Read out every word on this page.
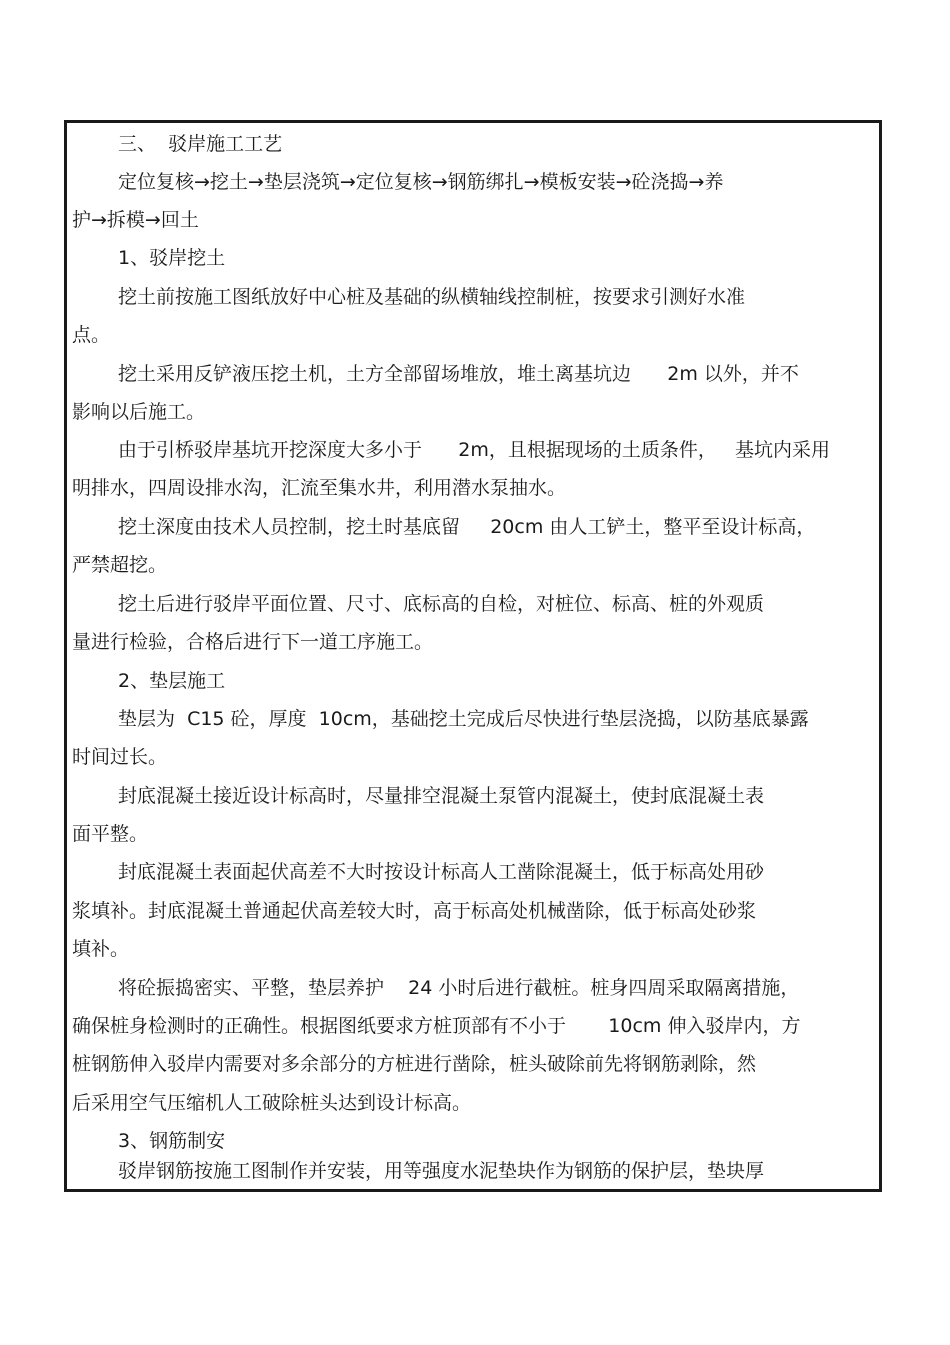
三、  驳岸施工工艺

定位复核→挖土→垫层浇筑→定位复核→钢筋绑扎→模板安装→砼浇捣→养

护→拆模→回土

1、驳岸挖土

挖土前按施工图纸放好中心桩及基础的纵横轴线控制桩，按要求引测好水准

点。

挖土采用反铲液压挖土机，土方全部留场堆放，堆土离基坑边      2m 以外，并不

影响以后施工。

由于引桥驳岸基坑开挖深度大多小于      2m，且根据现场的土质条件，   基坑内采用

明排水，四周设排水沟，汇流至集水井，利用潜水泵抽水。

挖土深度由技术人员控制，挖土时基底留     20cm 由人工铲土，整平至设计标高，

严禁超挖。

挖土后进行驳岸平面位置、尺寸、底标高的自检，对桩位、标高、桩的外观质

量进行检验，合格后进行下一道工序施工。

2、垫层施工

垫层为  C15 砼，厚度  10cm，基础挖土完成后尽快进行垫层浇捣，以防基底暴露

时间过长。

封底混凝土接近设计标高时，尽量排空混凝土泵管内混凝土，使封底混凝土表

面平整。

封底混凝土表面起伏高差不大时按设计标高人工凿除混凝土，低于标高处用砂

浆填补。封底混凝土普通起伏高差较大时，高于标高处机械凿除，低于标高处砂浆

填补。

将砼振捣密实、平整，垫层养护    24 小时后进行截桩。桩身四周采取隔离措施，

确保桩身检测时的正确性。根据图纸要求方桩顶部有不小于       10cm 伸入驳岸内，方

桩钢筋伸入驳岸内需要对多余部分的方桩进行凿除，桩头破除前先将钢筋剥除，然

后采用空气压缩机人工破除桩头达到设计标高。

3、钢筋制安

驳岸钢筋按施工图制作并安装，用等强度水泥垫块作为钢筋的保护层，垫块厚
